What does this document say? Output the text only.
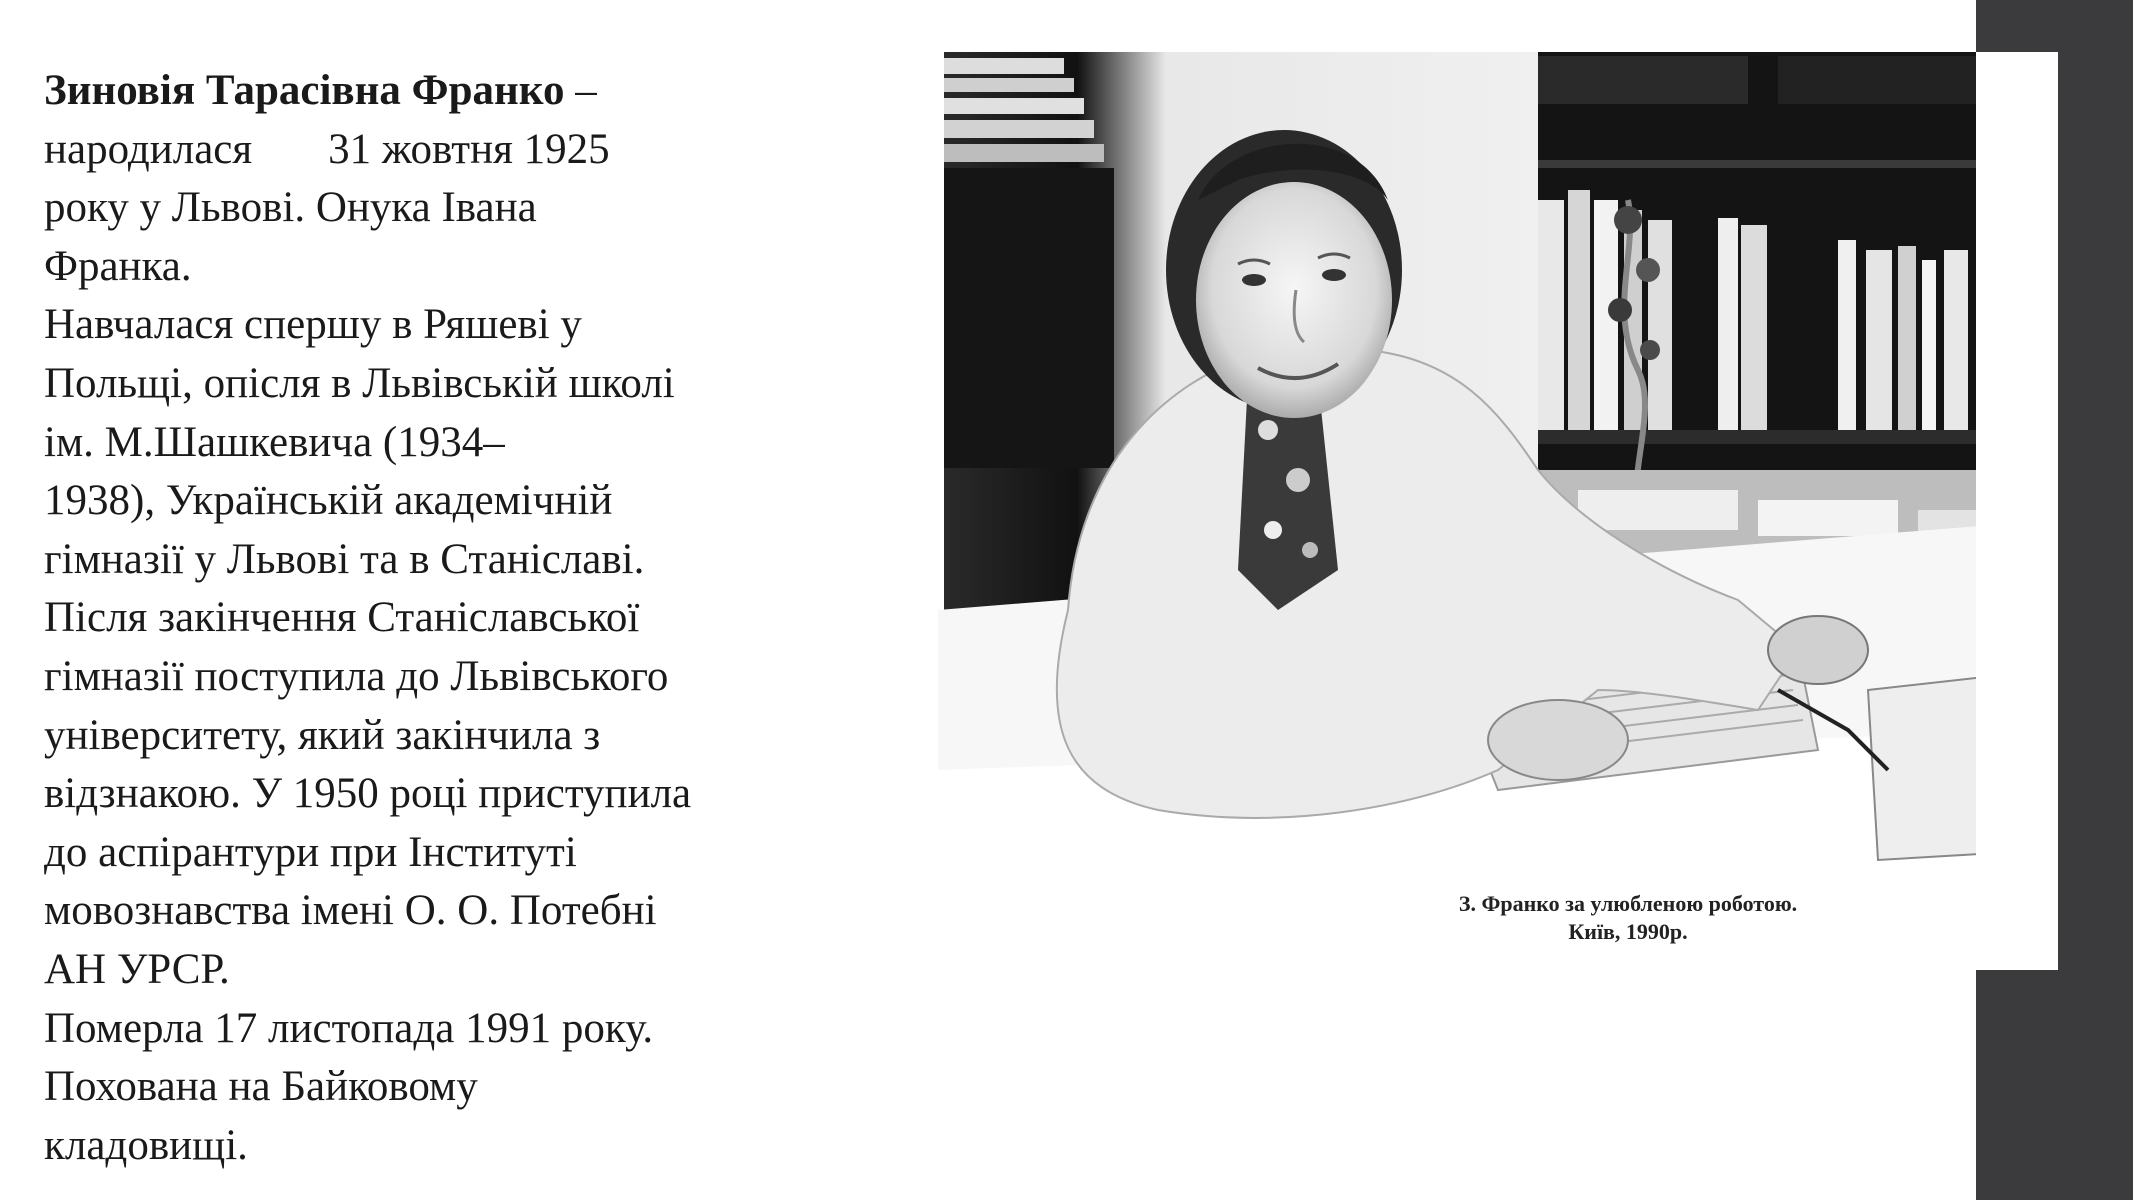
Зиновія Тарасівна Франко –
народилася 31 жовтня 1925
року у Львові. Онука Івана
Франка.
Навчалася спершу в Ряшеві у
Польщі, опісля в Львівській школі
ім. М.Шашкевича (1934–
1938), Українській академічній
гімназії у Львові та в Станіславі.
Після закінчення Станіславської
гімназії поступила до Львівського
університету, який закінчила з
відзнакою. У 1950 році приступила
до аспірантури при Інституті
мовознавства імені О. О. Потебні
АН УРСР.
Померла 17 листопада 1991 року.
Похована на Байковому
кладовищі.

З. Франко за улюбленою роботою.
Київ, 1990р.
